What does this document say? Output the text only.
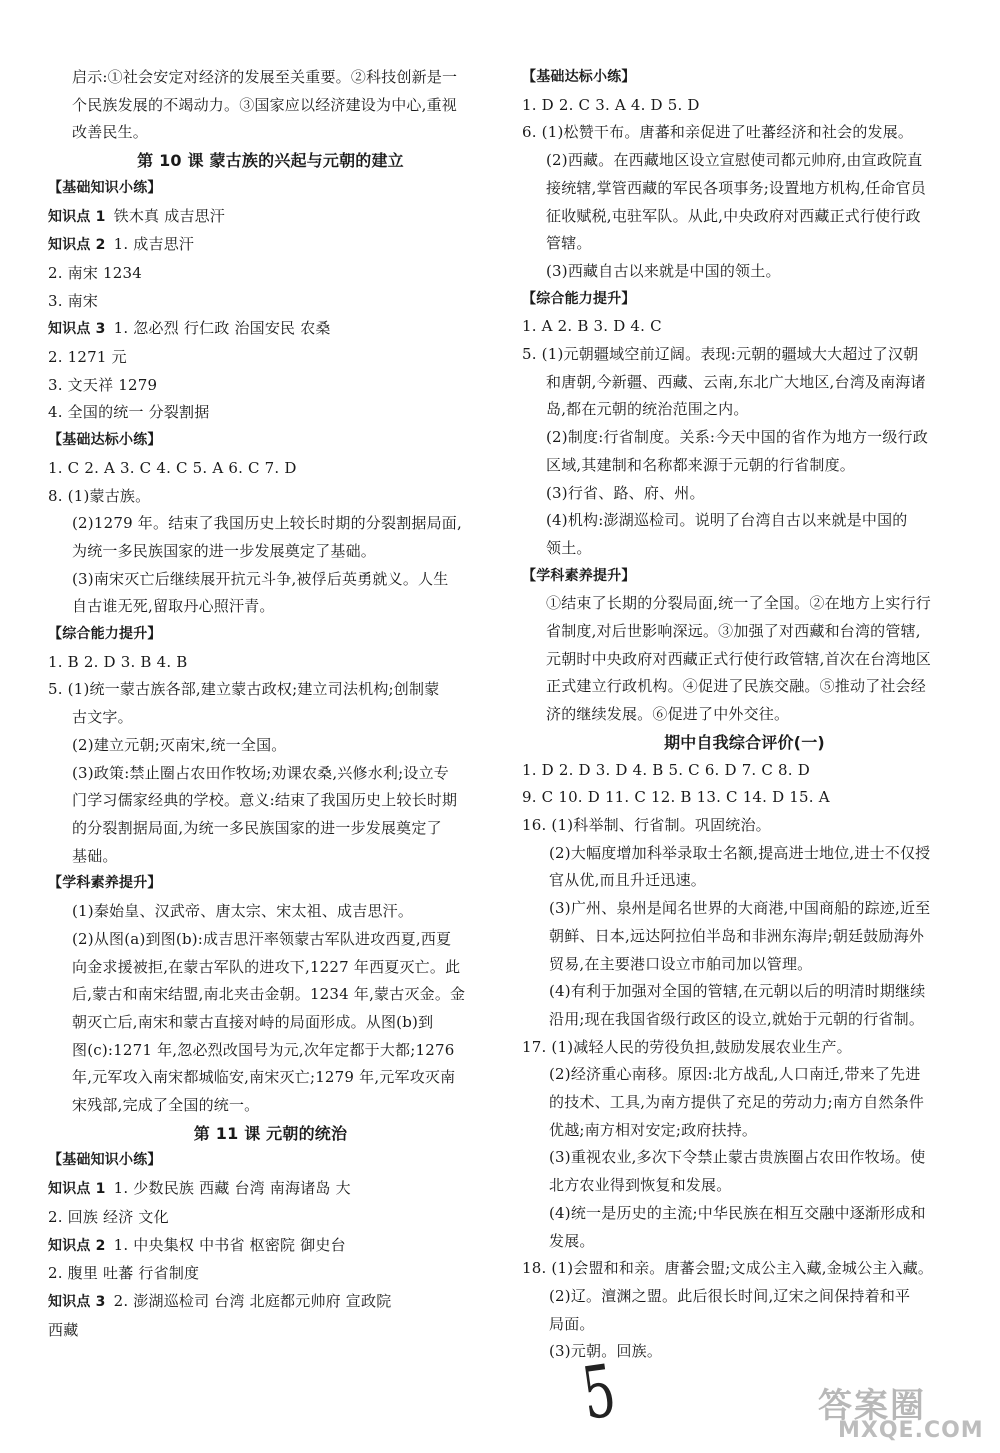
启示:①社会安定对经济的发展至关重要。②科技创新是一
个民族发展的不竭动力。③国家应以经济建设为中心,重视
改善民生。
第 10 课 蒙古族的兴起与元朝的建立
【基础知识小练】
知识点 1 铁木真 成吉思汗
知识点 2 1. 成吉思汗
2. 南宋 1234
3. 南宋
知识点 3 1. 忽必烈 行仁政 治国安民 农桑
2. 1271 元
3. 文天祥 1279
4. 全国的统一 分裂割据
【基础达标小练】
1. C 2. A 3. C 4. C 5. A 6. C 7. D
8. (1)蒙古族。
(2)1279 年。结束了我国历史上较长时期的分裂割据局面,
为统一多民族国家的进一步发展奠定了基础。
(3)南宋灭亡后继续展开抗元斗争,被俘后英勇就义。人生
自古谁无死,留取丹心照汗青。
【综合能力提升】
1. B 2. D 3. B 4. B
5. (1)统一蒙古族各部,建立蒙古政权;建立司法机构;创制蒙
古文字。
(2)建立元朝;灭南宋,统一全国。
(3)政策:禁止圈占农田作牧场;劝课农桑,兴修水利;设立专
门学习儒家经典的学校。意义:结束了我国历史上较长时期
的分裂割据局面,为统一多民族国家的进一步发展奠定了
基础。
【学科素养提升】
(1)秦始皇、汉武帝、唐太宗、宋太祖、成吉思汗。
(2)从图(a)到图(b):成吉思汗率领蒙古军队进攻西夏,西夏
向金求援被拒,在蒙古军队的进攻下,1227 年西夏灭亡。此
后,蒙古和南宋结盟,南北夹击金朝。1234 年,蒙古灭金。金
朝灭亡后,南宋和蒙古直接对峙的局面形成。从图(b)到
图(c):1271 年,忽必烈改国号为元,次年定都于大都;1276
年,元军攻入南宋都城临安,南宋灭亡;1279 年,元军攻灭南
宋残部,完成了全国的统一。
第 11 课 元朝的统治
【基础知识小练】
知识点 1 1. 少数民族 西藏 台湾 南海诸岛 大
2. 回族 经济 文化
知识点 2 1. 中央集权 中书省 枢密院 御史台
2. 腹里 吐蕃 行省制度
知识点 3 2. 澎湖巡检司 台湾 北庭都元帅府 宣政院
西藏
【基础达标小练】
1. D 2. C 3. A 4. D 5. D
6. (1)松赞干布。唐蕃和亲促进了吐蕃经济和社会的发展。
(2)西藏。在西藏地区设立宣慰使司都元帅府,由宣政院直
接统辖,掌管西藏的军民各项事务;设置地方机构,任命官员
征收赋税,屯驻军队。从此,中央政府对西藏正式行使行政
管辖。
(3)西藏自古以来就是中国的领土。
【综合能力提升】
1. A 2. B 3. D 4. C
5. (1)元朝疆域空前辽阔。表现:元朝的疆域大大超过了汉朝
和唐朝,今新疆、西藏、云南,东北广大地区,台湾及南海诸
岛,都在元朝的统治范围之内。
(2)制度:行省制度。关系:今天中国的省作为地方一级行政
区域,其建制和名称都来源于元朝的行省制度。
(3)行省、路、府、州。
(4)机构:澎湖巡检司。说明了台湾自古以来就是中国的
领土。
【学科素养提升】
①结束了长期的分裂局面,统一了全国。②在地方上实行行
省制度,对后世影响深远。③加强了对西藏和台湾的管辖,
元朝时中央政府对西藏正式行使行政管辖,首次在台湾地区
正式建立行政机构。④促进了民族交融。⑤推动了社会经
济的继续发展。⑥促进了中外交往。
期中自我综合评价(一)
1. D 2. D 3. D 4. B 5. C 6. D 7. C 8. D
9. C 10. D 11. C 12. B 13. C 14. D 15. A
16. (1)科举制、行省制。巩固统治。
(2)大幅度增加科举录取士名额,提高进士地位,进士不仅授
官从优,而且升迁迅速。
(3)广州、泉州是闻名世界的大商港,中国商船的踪迹,近至
朝鲜、日本,远达阿拉伯半岛和非洲东海岸;朝廷鼓励海外
贸易,在主要港口设立市舶司加以管理。
(4)有利于加强对全国的管辖,在元朝以后的明清时期继续
沿用;现在我国省级行政区的设立,就始于元朝的行省制。
17. (1)减轻人民的劳役负担,鼓励发展农业生产。
(2)经济重心南移。原因:北方战乱,人口南迁,带来了先进
的技术、工具,为南方提供了充足的劳动力;南方自然条件
优越;南方相对安定;政府扶持。
(3)重视农业,多次下令禁止蒙古贵族圈占农田作牧场。使
北方农业得到恢复和发展。
(4)统一是历史的主流;中华民族在相互交融中逐渐形成和
发展。
18. (1)会盟和和亲。唐蕃会盟;文成公主入藏,金城公主入藏。
(2)辽。澶渊之盟。此后很长时间,辽宋之间保持着和平
局面。
(3)元朝。回族。
5	答案圈
MXQE.COM
